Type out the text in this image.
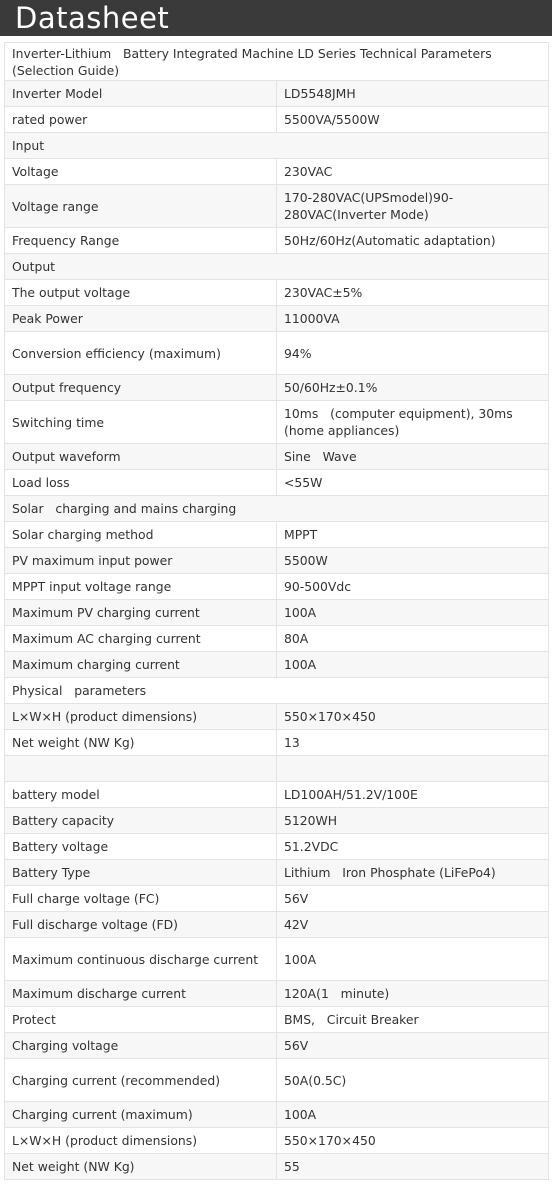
Datasheet
Inverter-Lithium   Battery Integrated Machine LD Series Technical Parameters (Selection Guide)	
Inverter Model	LD5548JMH
rated power	5500VA/5500W
Input	
Voltage	230VAC
Voltage range	170-280VAC(UPSmodel)90-280VAC(Inverter Mode)
Frequency Range	50Hz/60Hz(Automatic adaptation)
Output	
The output voltage	230VAC±5%
Peak Power	11000VA
Conversion efficiency (maximum)	94%
Output frequency	50/60Hz±0.1%
Switching time	10ms   (computer equipment), 30ms (home appliances)
Output waveform	Sine   Wave
Load loss	<55W
Solar   charging and mains charging	
Solar charging method	MPPT
PV maximum input power	5500W
MPPT input voltage range	90-500Vdc
Maximum PV charging current	100A
Maximum AC charging current	80A
Maximum charging current	100A
Physical   parameters	
L×W×H (product dimensions)	550×170×450
Net weight (NW Kg)	13

battery model	LD100AH/51.2V/100E
Battery capacity	5120WH
Battery voltage	51.2VDC
Battery Type	Lithium   Iron Phosphate (LiFePo4)
Full charge voltage (FC)	56V
Full discharge voltage (FD)	42V
Maximum continuous discharge current	100A
Maximum discharge current	120A(1   minute)
Protect	BMS,   Circuit Breaker
Charging voltage	56V
Charging current (recommended)	50A(0.5C)
Charging current (maximum)	100A
L×W×H (product dimensions)	550×170×450
Net weight (NW Kg)	55
